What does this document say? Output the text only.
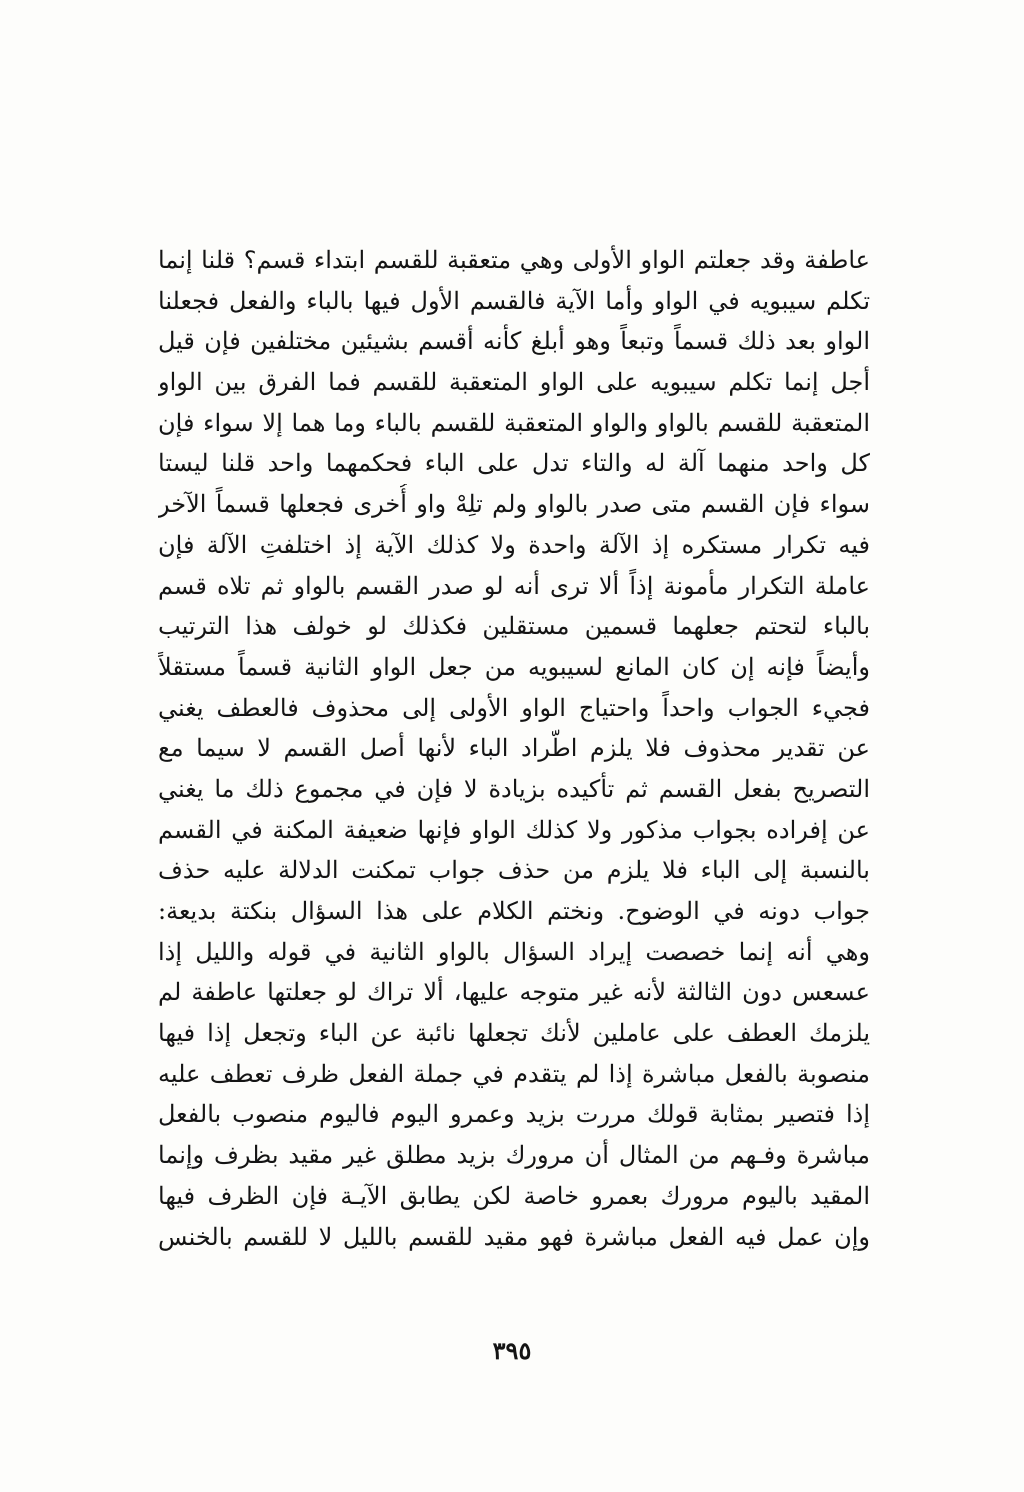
عاطفة وقد جعلتم الواو الأولى وهي متعقبة للقسم ابتداء قسم؟ قلنا إنما
تكلم سيبويه في الواو وأما الآية فالقسم الأول فيها بالباء والفعل فجعلنا
الواو بعد ذلك قسماً وتبعاً وهو أبلغ كأنه أقسم بشيئين مختلفين فإن قيل
أجل إنما تكلم سيبويه على الواو المتعقبة للقسم فما الفرق بين الواو
المتعقبة للقسم بالواو والواو المتعقبة للقسم بالباء وما هما إلا سواء فإن
كل واحد منهما آلة له والتاء تدل على الباء فحكمهما واحد قلنا ليستا
سواء فإن القسم متى صدر بالواو ولم تلِهْ واو أُخرى فجعلها قسماً الآخر
فيه تكرار مستكره إذ الآلة واحدة ولا كذلك الآية إذ اختلفتِ الآلة فإن
عاملة التكرار مأمونة إذاً ألا ترى أنه لو صدر القسم بالواو ثم تلاه قسم
بالباء لتحتم جعلهما قسمين مستقلين فكذلك لو خولف هذا الترتيب
وأيضاً فإنه إن كان المانع لسيبويه من جعل الواو الثانية قسماً مستقلاً
فجيء الجواب واحداً واحتياج الواو الأولى إلى محذوف فالعطف يغني
عن تقدير محذوف فلا يلزم اطّراد الباء لأنها أصل القسم لا سيما مع
التصريح بفعل القسم ثم تأكيده بزيادة لا فإن في مجموع ذلك ما يغني
عن إفراده بجواب مذكور ولا كذلك الواو فإنها ضعيفة المكنة في القسم
بالنسبة إلى الباء فلا يلزم من حذف جواب تمكنت الدلالة عليه حذف
جواب دونه في الوضوح. ونختم الكلام على هذا السؤال بنكتة بديعة:
وهي أنه إنما خصصت إيراد السؤال بالواو الثانية في قوله والليل إذا
عسعس دون الثالثة لأنه غير متوجه عليها، ألا تراك لو جعلتها عاطفة لم
يلزمك العطف على عاملين لأنك تجعلها نائبة عن الباء وتجعل إذا فيها
منصوبة بالفعل مباشرة إذا لم يتقدم في جملة الفعل ظرف تعطف عليه
إذا فتصير بمثابة قولك مررت بزيد وعمرو اليوم فاليوم منصوب بالفعل
مباشرة وفـهم من المثال أن مرورك بزيد مطلق غير مقيد بظرف وإنما
المقيد باليوم مرورك بعمرو خاصة لكن يطابق الآيـة فإن الظرف فيها
وإن عمل فيه الفعل مباشرة فهو مقيد للقسم بالليل لا للقسم بالخنس
٣٩٥
